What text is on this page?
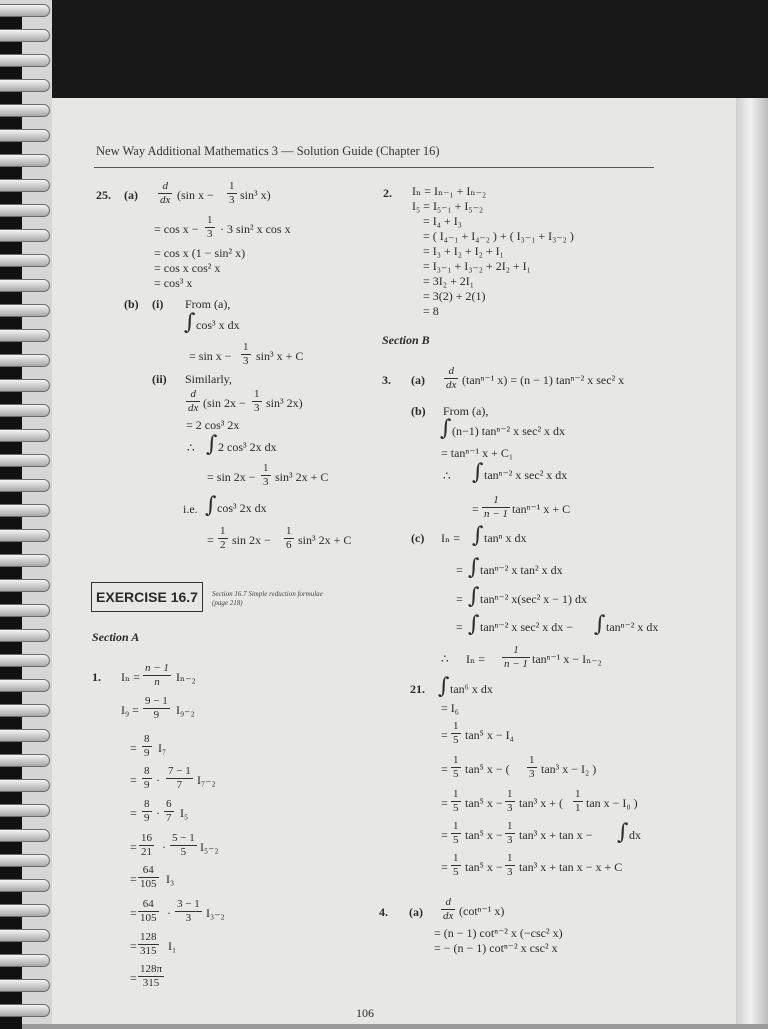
New Way Additional Mathematics 3 — Solution Guide (Chapter 16)
25. $(a) \frac{d}{dx} (\sin$ $x - \frac{1}{3} \sin^3$ x)
= $\cos x - \frac{1}{3} \cdot 3$ sin² x cos x
= cos x (1 − sin² x)
= cos x cos² x
= cos³ x
(b) (i) From (a),
∫ cos³ x dx
= $\sin x - \frac{1}{3} \sin^3$ x + C
(ii) Similarly,
$\frac{d}{dx} (\sin$ $2x - \frac{1}{3} \sin^3$ 2x)
= 2 cos³ 2x
∴ ∫ 2 cos³ 2x dx
= $\sin 2x - \frac{1}{3} \sin^3$ 2x + C
i.e. ∫ cos³ 2x dx
= $\frac{1}{2}$ $\sin 2x - \frac{1}{6} \sin^3$ 2x + C
EXERCISE 16.7	Section 16.7 Simple reduction formulae
(page 218)
Section A
1. $I_n = \frac{n - 1}{n} I_{n-2}$
$I_9 = \frac{9 - 1}{9} I_{9-2}$
= $\frac{8}{9} I_7$
= $\frac{8}{9} \cdot \frac{7 - 1}{7} I_{7-2}$
= $\frac{8}{9} \cdot \frac{6}{7} I_5$
= $\frac{16}{21} \cdot \frac{5 - 1}{5} I_{5-2}$
= $\frac{64}{105} I_3$
= $\frac{64}{105} \cdot \frac{3 - 1}{3} I_{3-2}$
= $\frac{128}{315} I_1$
= $\frac{128\pi}{315}$
2. Iₙ = Iₙ₋₁ + Iₙ₋₂
I₅ = I₅₋₁ + I₅₋₂
= I₄ + I₃
= ( I₄₋₁ + I₄₋₂ ) + ( I₃₋₁ + I₃₋₂ )
= I₃ + I₂ + I₂ + I₁
= I₃₋₁ + I₃₋₂ + 2I₂ + I₁
= 3I₂ + 2I₁
= 3(2) + 2(1)
= 8
Section B
3. $(a) \frac{d}{dx} (\tan^{n-1}$ x) = (n − 1) tanⁿ⁻² x sec² x
(b) From (a),
∫ (n−1) tanⁿ⁻² x sec² x dx
= tanⁿ⁻¹ x + C₁
∴ ∫ tanⁿ⁻² x sec² x dx
= $\frac{1}{n - 1} \tan^{n-1}$ x + C
(c) Iₙ = ∫ tanⁿ x dx
= ∫ tanⁿ⁻² x tan² x dx
= ∫ tanⁿ⁻² x(sec² x − 1) dx
= ∫ tanⁿ⁻² x sec² x dx − ∫ tanⁿ⁻² x dx
∴ $I_n = \frac{1}{n - 1} \tan^{n-1}$ x − Iₙ₋₂
21. ∫ tan⁶ x dx
= I₆
= $\frac{1}{5} \tan^5$ x − I₄
= $\frac{1}{5} \tan^5$ x − ( $\frac{1}{3} \tan^3$ x − I₂ )
= $\frac{1}{5} \tan^5$ $x - \frac{1}{3} \tan^3$ x + ( $\frac{1}{1}$ tan x − I₀ )
= $\frac{1}{5} \tan^5$ $x - \frac{1}{3} \tan^3$ x + tan x − ∫ dx
= $\frac{1}{5} \tan^5$ $x - \frac{1}{3} \tan^3$ x + tan x − x + C
4. $(a) \frac{d}{dx} (\cot^{n-1}$ x)
= (n − 1) cotⁿ⁻² x (−csc² x)
= − (n − 1) cotⁿ⁻² x csc² x
106
